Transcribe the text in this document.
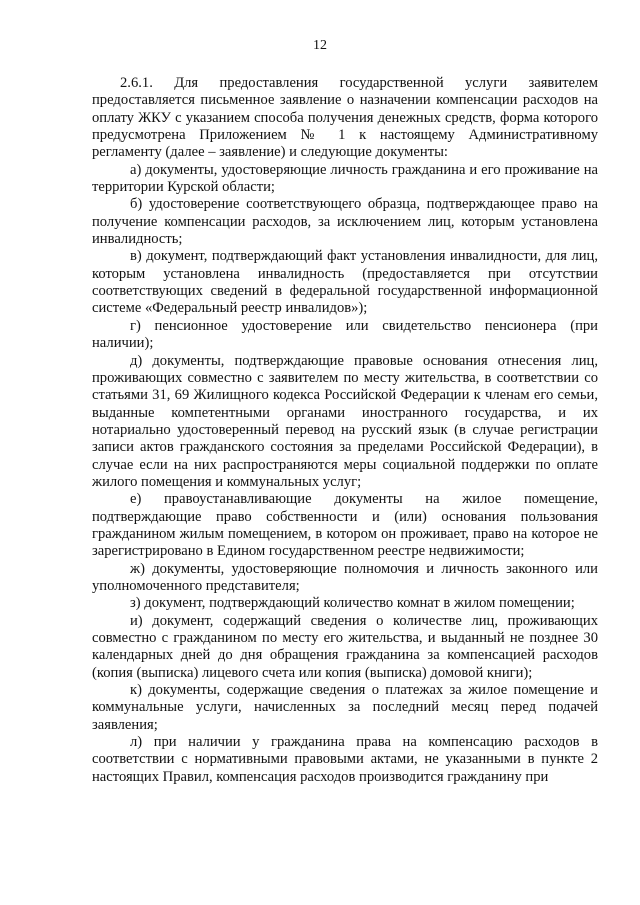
12

2.6.1. Для предоставления государственной услуги заявителем предоставляется письменное заявление о назначении компенсации расходов на оплату ЖКУ с указанием способа получения денежных средств, форма которого предусмотрена Приложением № 1 к настоящему Административному регламенту (далее – заявление) и следующие документы:

а) документы, удостоверяющие личность гражданина и его проживание на территории Курской области;

б) удостоверение соответствующего образца, подтверждающее право на получение компенсации расходов, за исключением лиц, которым установлена инвалидность;

в) документ, подтверждающий факт установления инвалидности, для лиц, которым установлена инвалидность (предоставляется при отсутствии соответствующих сведений в федеральной государственной информационной системе «Федеральный реестр инвалидов»);

г) пенсионное удостоверение или свидетельство пенсионера (при наличии);

д) документы, подтверждающие правовые основания отнесения лиц, проживающих совместно с заявителем по месту жительства, в соответствии со статьями 31, 69 Жилищного кодекса Российской Федерации к членам его семьи, выданные компетентными органами иностранного государства, и их нотариально удостоверенный перевод на русский язык (в случае регистрации записи актов гражданского состояния за пределами Российской Федерации), в случае если на них распространяются меры социальной поддержки по оплате жилого помещения и коммунальных услуг;

е) правоустанавливающие документы на жилое помещение, подтверждающие право собственности и (или) основания пользования гражданином жилым помещением, в котором он проживает, право на которое не зарегистрировано в Едином государственном реестре недвижимости;

ж) документы, удостоверяющие полномочия и личность законного или уполномоченного представителя;

з) документ, подтверждающий количество комнат в жилом помещении;

и) документ, содержащий сведения о количестве лиц, проживающих совместно с гражданином по месту его жительства, и выданный не позднее 30 календарных дней до дня обращения гражданина за компенсацией расходов (копия (выписка) лицевого счета или копия (выписка) домовой книги);

к) документы, содержащие сведения о платежах за жилое помещение и коммунальные услуги, начисленных за последний месяц перед подачей заявления;

л) при наличии у гражданина права на компенсацию расходов в соответствии с нормативными правовыми актами, не указанными в пункте 2 настоящих Правил, компенсация расходов производится гражданину при
